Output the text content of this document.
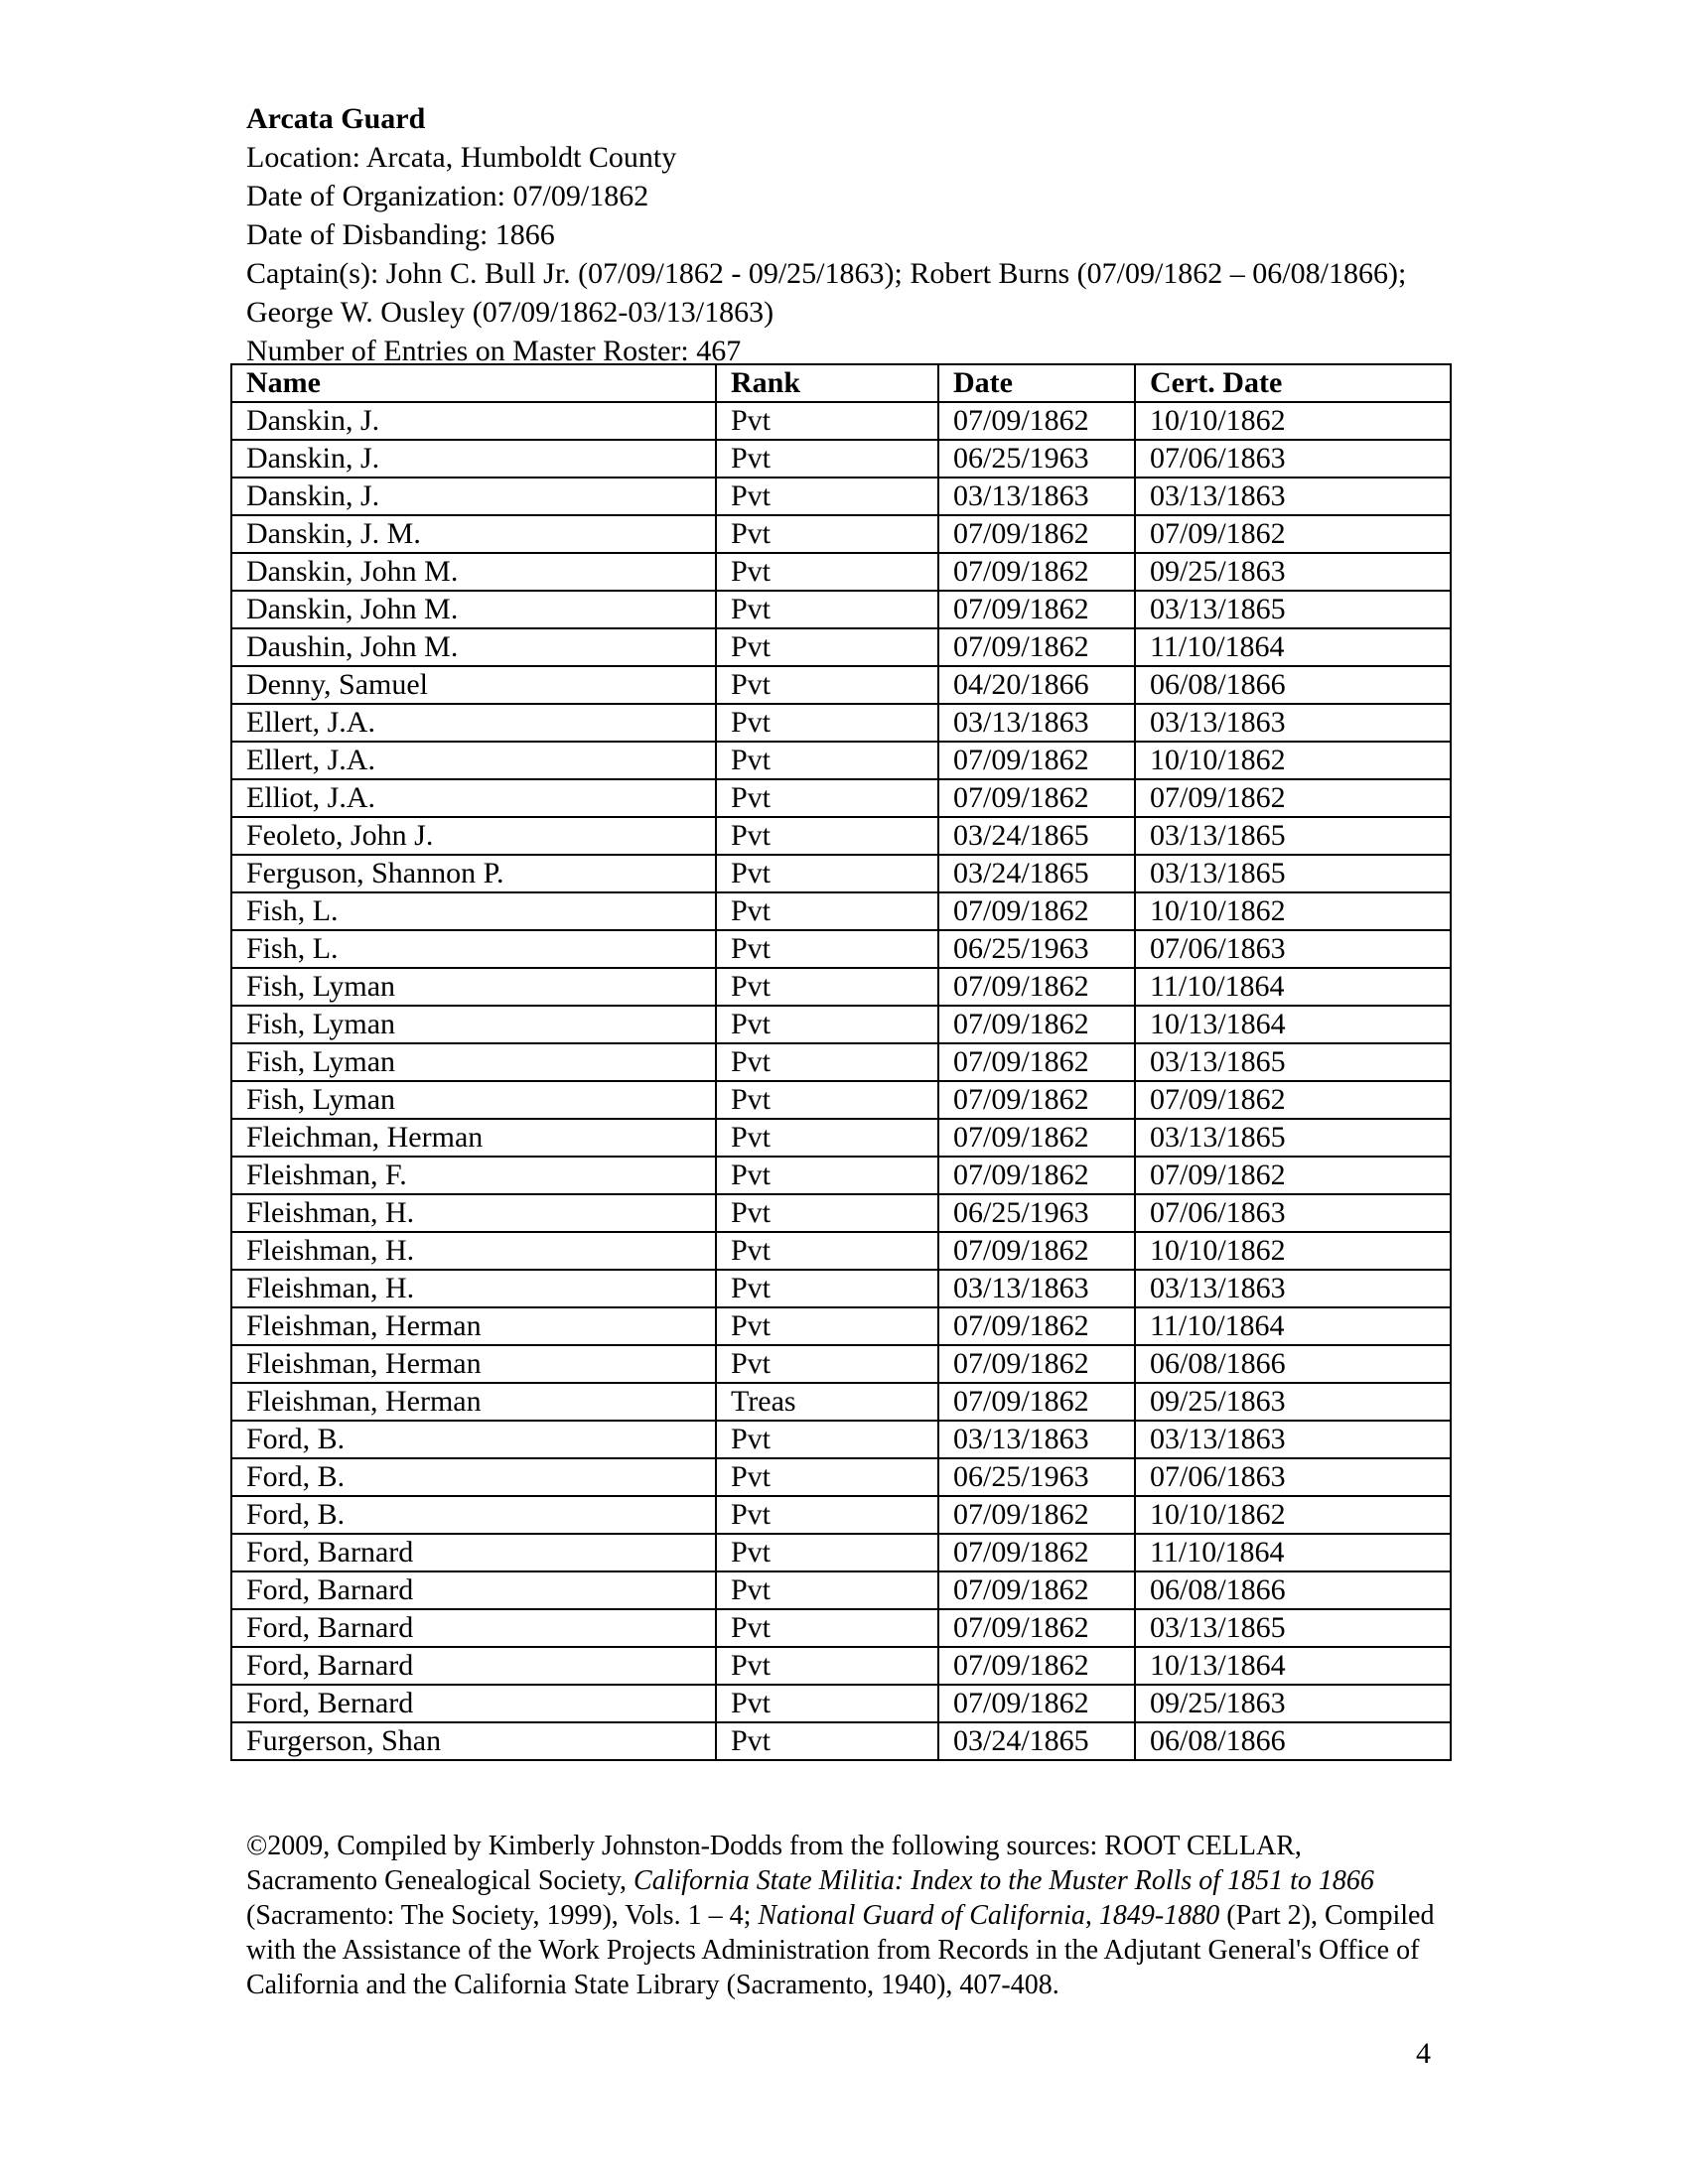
Arcata Guard
Location: Arcata, Humboldt County
Date of Organization: 07/09/1862
Date of Disbanding: 1866
Captain(s): John C. Bull Jr. (07/09/1862 - 09/25/1863); Robert Burns (07/09/1862 – 06/08/1866); George W. Ousley (07/09/1862-03/13/1863)
Number of Entries on Master Roster: 467
Name	Rank	Date	Cert. Date
Danskin, J.	Pvt	07/09/1862	10/10/1862
Danskin, J.	Pvt	06/25/1963	07/06/1863
Danskin, J.	Pvt	03/13/1863	03/13/1863
Danskin, J. M.	Pvt	07/09/1862	07/09/1862
Danskin, John M.	Pvt	07/09/1862	09/25/1863
Danskin, John M.	Pvt	07/09/1862	03/13/1865
Daushin, John M.	Pvt	07/09/1862	11/10/1864
Denny, Samuel	Pvt	04/20/1866	06/08/1866
Ellert, J.A.	Pvt	03/13/1863	03/13/1863
Ellert, J.A.	Pvt	07/09/1862	10/10/1862
Elliot, J.A.	Pvt	07/09/1862	07/09/1862
Feoleto, John J.	Pvt	03/24/1865	03/13/1865
Ferguson, Shannon P.	Pvt	03/24/1865	03/13/1865
Fish, L.	Pvt	07/09/1862	10/10/1862
Fish, L.	Pvt	06/25/1963	07/06/1863
Fish, Lyman	Pvt	07/09/1862	11/10/1864
Fish, Lyman	Pvt	07/09/1862	10/13/1864
Fish, Lyman	Pvt	07/09/1862	03/13/1865
Fish, Lyman	Pvt	07/09/1862	07/09/1862
Fleichman, Herman	Pvt	07/09/1862	03/13/1865
Fleishman, F.	Pvt	07/09/1862	07/09/1862
Fleishman, H.	Pvt	06/25/1963	07/06/1863
Fleishman, H.	Pvt	07/09/1862	10/10/1862
Fleishman, H.	Pvt	03/13/1863	03/13/1863
Fleishman, Herman	Pvt	07/09/1862	11/10/1864
Fleishman, Herman	Pvt	07/09/1862	06/08/1866
Fleishman, Herman	Treas	07/09/1862	09/25/1863
Ford, B.	Pvt	03/13/1863	03/13/1863
Ford, B.	Pvt	06/25/1963	07/06/1863
Ford, B.	Pvt	07/09/1862	10/10/1862
Ford, Barnard	Pvt	07/09/1862	11/10/1864
Ford, Barnard	Pvt	07/09/1862	06/08/1866
Ford, Barnard	Pvt	07/09/1862	03/13/1865
Ford, Barnard	Pvt	07/09/1862	10/13/1864
Ford, Bernard	Pvt	07/09/1862	09/25/1863
Furgerson, Shan	Pvt	03/24/1865	06/08/1866
©2009, Compiled by Kimberly Johnston-Dodds from the following sources: ROOT CELLAR, Sacramento Genealogical Society, California State Militia: Index to the Muster Rolls of 1851 to 1866 (Sacramento: The Society, 1999), Vols. 1 – 4; National Guard of California, 1849-1880 (Part 2), Compiled with the Assistance of the Work Projects Administration from Records in the Adjutant General's Office of California and the California State Library (Sacramento, 1940), 407-408.
4
